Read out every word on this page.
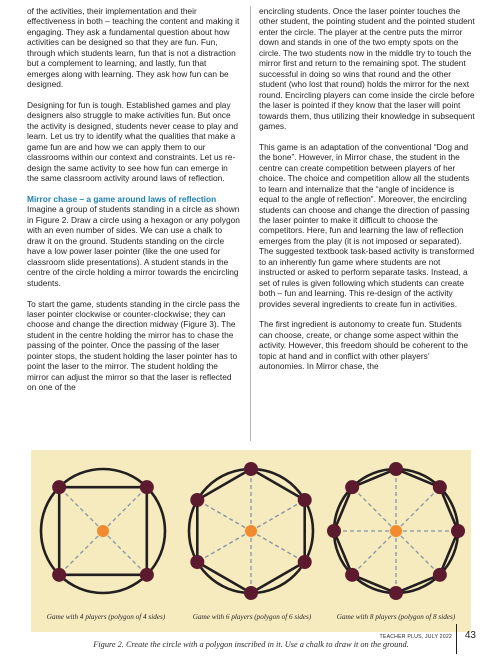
of the activities, their implementation and their effectiveness in both – teaching the content and making it engaging. They ask a fundamental question about how activities can be designed so that they are fun. Fun, through which students learn, fun that is not a distraction but a complement to learning, and lastly, fun that emerges along with learning. They ask how fun can be designed.

Designing for fun is tough. Established games and play designers also struggle to make activities fun. But once the activity is designed, students never cease to play and learn. Let us try to identify what the qualities that make a game fun are and how we can apply them to our classrooms within our context and constraints. Let us re-design the same activity to see how fun can emerge in the same classroom activity around laws of reflection.

Mirror chase – a game around laws of reflection
Imagine a group of students standing in a circle as shown in Figure 2. Draw a circle using a hexagon or any polygon with an even number of sides. We can use a chalk to draw it on the ground. Students standing on the circle have a low power laser pointer (like the one used for classroom slide presentations). A student stands in the centre of the circle holding a mirror towards the encircling students.

To start the game, students standing in the circle pass the laser pointer clockwise or counter-clockwise; they can choose and change the direction midway (Figure 3). The student in the centre holding the mirror has to chase the passing of the pointer. Once the passing of the laser pointer stops, the student holding the laser pointer has to point the laser to the mirror. The student holding the mirror can adjust the mirror so that the laser is reflected on one of the

encircling students. Once the laser pointer touches the other student, the pointing student and the pointed student enter the circle. The player at the centre puts the mirror down and stands in one of the two empty spots on the circle. The two students now in the middle try to touch the mirror first and return to the remaining spot. The student successful in doing so wins that round and the other student (who lost that round) holds the mirror for the next round. Encircling players can come inside the circle before the laser is pointed if they know that the laser will point towards them, thus utilizing their knowledge in subsequent games.

This game is an adaptation of the conventional “Dog and the bone”. However, in Mirror chase, the student in the centre can create competition between players of her choice. The choice and competition allow all the students to learn and internalize that the “angle of incidence is equal to the angle of reflection”. Moreover, the encircling students can choose and change the direction of passing the laser pointer to make it difficult to choose the competitors. Here, fun and learning the law of reflection emerges from the play (it is not imposed or separated). The suggested textbook task-based activity is transformed to an inherently fun game where students are not instructed or asked to perform separate tasks. Instead, a set of rules is given following which students can create both – fun and learning. This re-design of the activity provides several ingredients to create fun in activities.

The first ingredient is autonomy to create fun. Students can choose, create, or change some aspect within the activity. However, this freedom should be coherent to the topic at hand and in conflict with other players’ autonomies. In Mirror chase, the

Game with 4 players (polygon of 4 sides)	Game with 6 players (polygon of 6 sides)	Game with 8 players (polygon of 8 sides)
Figure 2. Create the circle with a polygon inscribed in it. Use a chalk to draw it on the ground.
TEACHER PLUS, JULY 2022 43
